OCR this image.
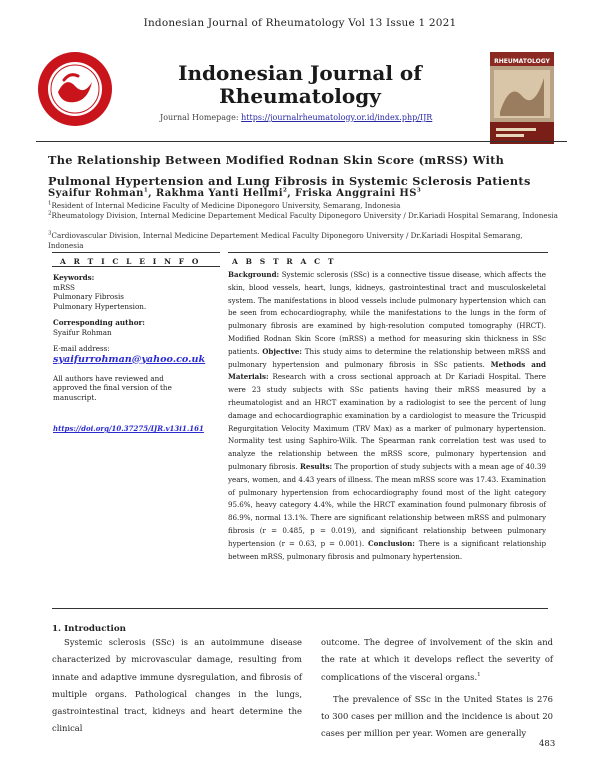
Indonesian Journal of Rheumatology Vol 13 Issue 1 2021
Indonesian Journal of Rheumatology
Journal Homepage: https://journalrheumatology.or.id/index.php/IJR
RHEUMATOLOGY
The Relationship Between Modified Rodnan Skin Score (mRSS) With Pulmonal Hypertension and Lung Fibrosis in Systemic Sclerosis Patients
Syaifur Rohman$^1$, Rakhma Yanti Hellmi$^2$, Friska Anggraini $HS^3$
$^1$Resident of Internal Medicine Faculty of Medicine Diponegoro University, Semarang, Indonesia
$^2$Rheumatology Division, Internal Medicine Departement Medical Faculty Diponegoro University / Dr.Kariadi Hospital Semarang, Indonesia
$^3$Cardiovascular Division, Internal Medicine Departement Medical Faculty Diponegoro University / Dr.Kariadi Hospital Semarang, Indonesia
A R T I C L E I N F O	A B S T R A C T
Keywords:
mRSS
Pulmonary Fibrosis
Pulmonary Hypertension.
Corresponding author:
Syaifur Rohman
E-mail address:
syaifurrohman@yahoo.co.uk
All authors have reviewed and approved the final version of the manuscript.
https://doi.org/10.37275/IJR.v13i1.161
Background: Systemic sclerosis (SSc) is a connective tissue disease, which affects the skin, blood vessels, heart, lungs, kidneys, gastrointestinal tract and musculoskeletal system. The manifestations in blood vessels include pulmonary hypertension which can be seen from echocardiography, while the manifestations to the lungs in the form of pulmonary fibrosis are examined by high-resolution computed tomography (HRCT). Modified Rodnan Skin Score (mRSS) a method for measuring skin thickness in SSc patients. Objective: This study aims to determine the relationship between mRSS and pulmonary hypertension and pulmonary fibrosis in SSc patients. Methods and Materials: Research with a cross sectional approach at Dr Kariadi Hospital. There were 23 study subjects with SSc patients having their mRSS measured by a rheumatologist and an HRCT examination by a radiologist to see the percent of lung damage and echocardiographic examination by a cardiologist to measure the Tricuspid Regurgitation Velocity Maximum (TRV Max) as a marker of pulmonary hypertension. Normality test using Saphiro-Wilk. The Spearman rank correlation test was used to analyze the relationship between the mRSS score, pulmonary hypertension and pulmonary fibrosis. Results: The proportion of study subjects with a mean age of 40.39 years, women, and 4.43 years of illness. The mean mRSS score was 17.43. Examination of pulmonary hypertension from echocardiography found most of the light category 95.6%, heavy category 4.4%, while the HRCT examination found pulmonary fibrosis of 86.9%, normal 13.1%. There are significant relationship between mRSS and pulmonary fibrosis (r = 0.485, p = 0.019), and significant relationship between pulmonary hypertension (r = 0.63, p = 0.001). Conclusion: There is a significant relationship between mRSS, pulmonary fibrosis and pulmonary hypertension.
1. Introduction
Systemic sclerosis (SSc) is an autoimmune disease characterized by microvascular damage, resulting from innate and adaptive immune dysregulation, and fibrosis of multiple organs. Pathological changes in the lungs, gastrointestinal tract, kidneys and heart determine the clinical
outcome. The degree of involvement of the skin and the rate at which it develops reflect the severity of complications of the visceral organs.$^1$
The prevalence of SSc in the United States is 276 to 300 cases per million and the incidence is about 20 cases per million per year. Women are generally
483
